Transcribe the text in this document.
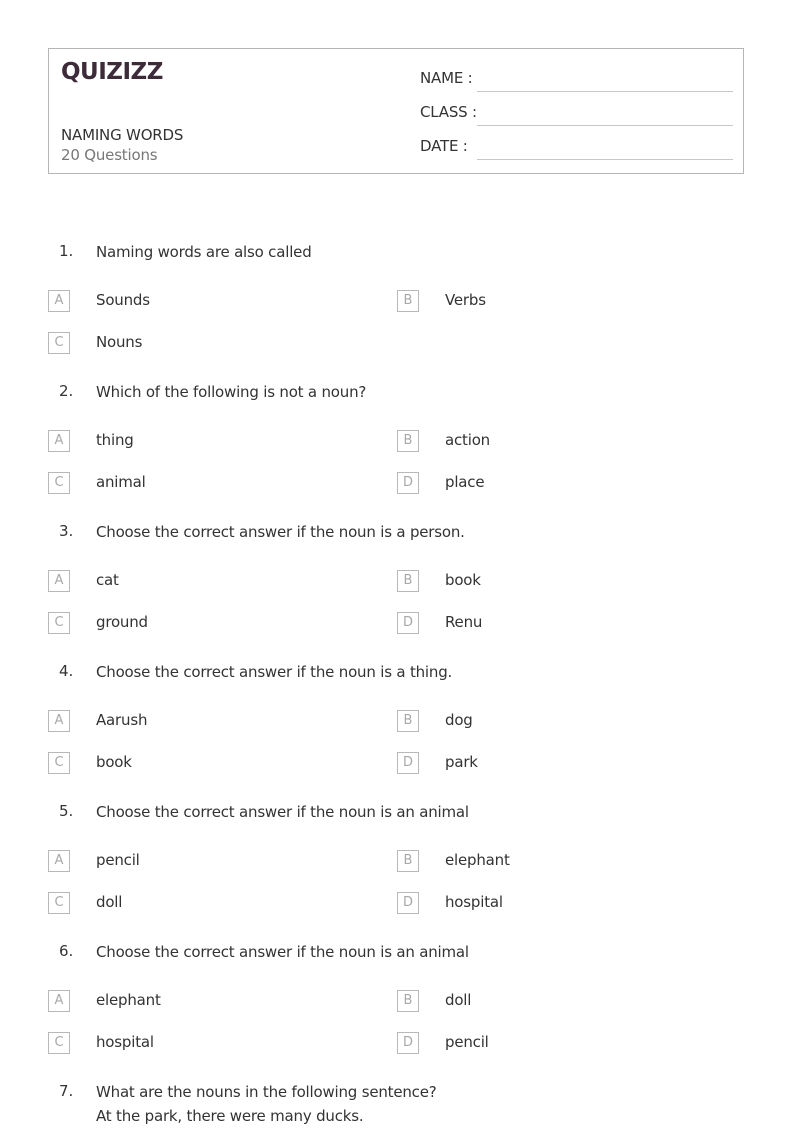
QUIZIZZ
NAMING WORDS
20 Questions
NAME :
CLASS :
DATE :
1. Naming words are also called
A	Sounds	B	Verbs
C	Nouns
2. Which of the following is not a noun?
A	thing	B	action
C	animal	D	place
3. Choose the correct answer if the noun is a person.
A	cat	B	book
C	ground	D	Renu
4. Choose the correct answer if the noun is a thing.
A	Aarush	B	dog
C	book	D	park
5. Choose the correct answer if the noun is an animal
A	pencil	B	elephant
C	doll	D	hospital
6. Choose the correct answer if the noun is an animal
A	elephant	B	doll
C	hospital	D	pencil
7. What are the nouns in the following sentence?
At the park, there were many ducks.
